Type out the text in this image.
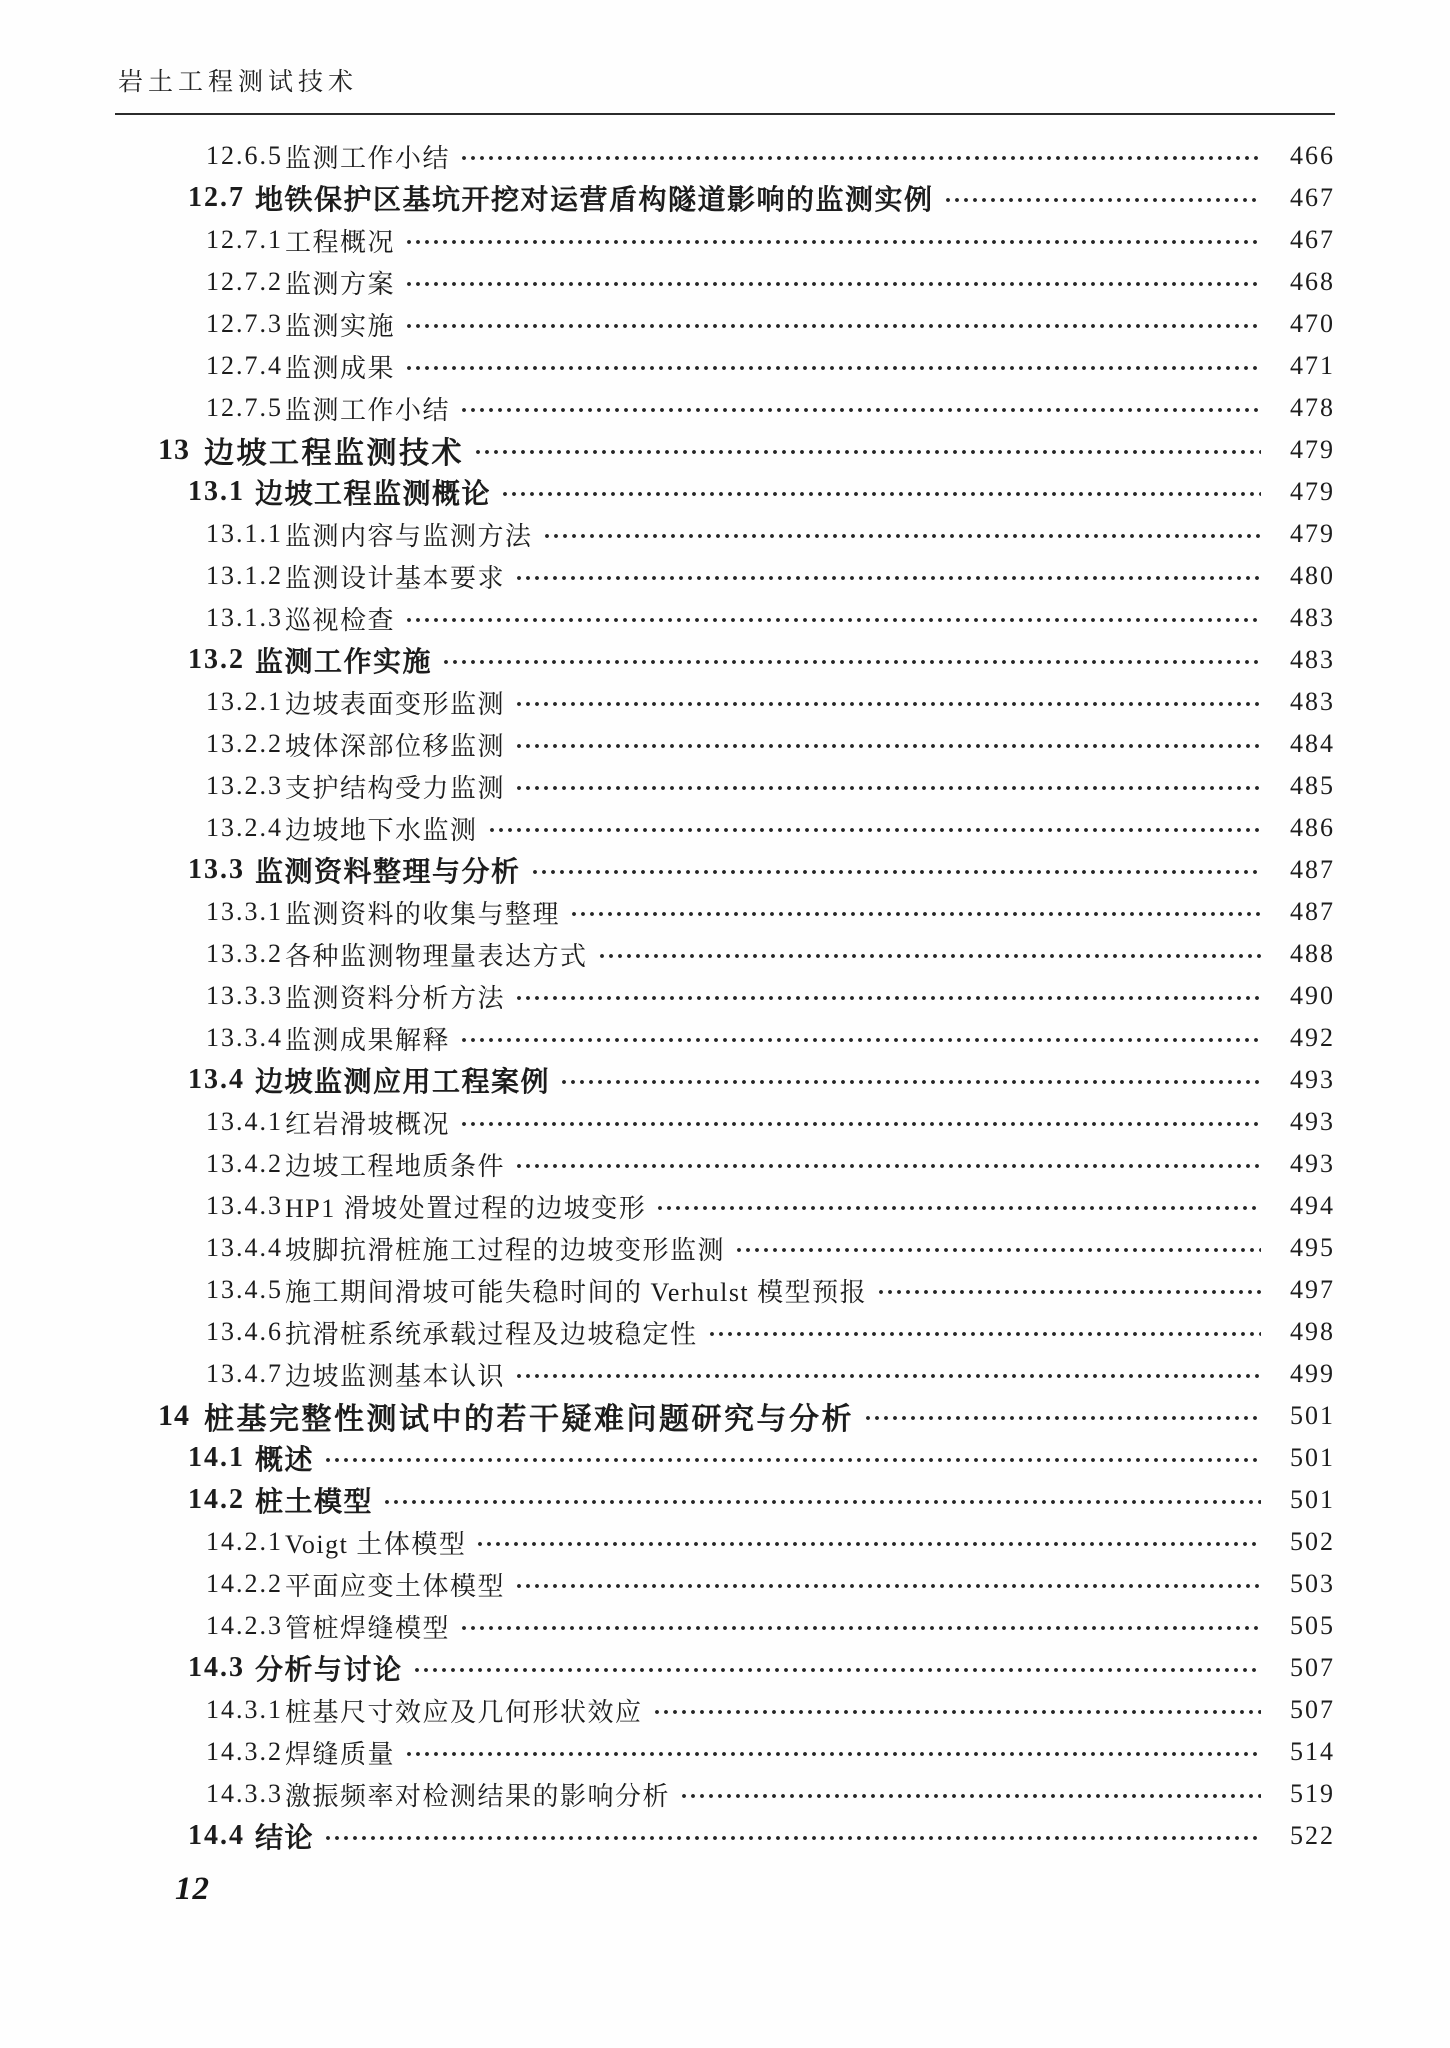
岩土工程测试技术
12.6.5 监测工作小结	466
12.7 地铁保护区基坑开挖对运营盾构隧道影响的监测实例	467
12.7.1 工程概况	467
12.7.2 监测方案	468
12.7.3 监测实施	470
12.7.4 监测成果	471
12.7.5 监测工作小结	478
13 边坡工程监测技术	479
13.1 边坡工程监测概论	479
13.1.1 监测内容与监测方法	479
13.1.2 监测设计基本要求	480
13.1.3 巡视检查	483
13.2 监测工作实施	483
13.2.1 边坡表面变形监测	483
13.2.2 坡体深部位移监测	484
13.2.3 支护结构受力监测	485
13.2.4 边坡地下水监测	486
13.3 监测资料整理与分析	487
13.3.1 监测资料的收集与整理	487
13.3.2 各种监测物理量表达方式	488
13.3.3 监测资料分析方法	490
13.3.4 监测成果解释	492
13.4 边坡监测应用工程案例	493
13.4.1 红岩滑坡概况	493
13.4.2 边坡工程地质条件	493
13.4.3 HP1 滑坡处置过程的边坡变形	494
13.4.4 坡脚抗滑桩施工过程的边坡变形监测	495
13.4.5 施工期间滑坡可能失稳时间的 Verhulst 模型预报	497
13.4.6 抗滑桩系统承载过程及边坡稳定性	498
13.4.7 边坡监测基本认识	499
14 桩基完整性测试中的若干疑难问题研究与分析	501
14.1 概述	501
14.2 桩土模型	501
14.2.1 Voigt 土体模型	502
14.2.2 平面应变土体模型	503
14.2.3 管桩焊缝模型	505
14.3 分析与讨论	507
14.3.1 桩基尺寸效应及几何形状效应	507
14.3.2 焊缝质量	514
14.3.3 激振频率对检测结果的影响分析	519
14.4 结论	522
12
